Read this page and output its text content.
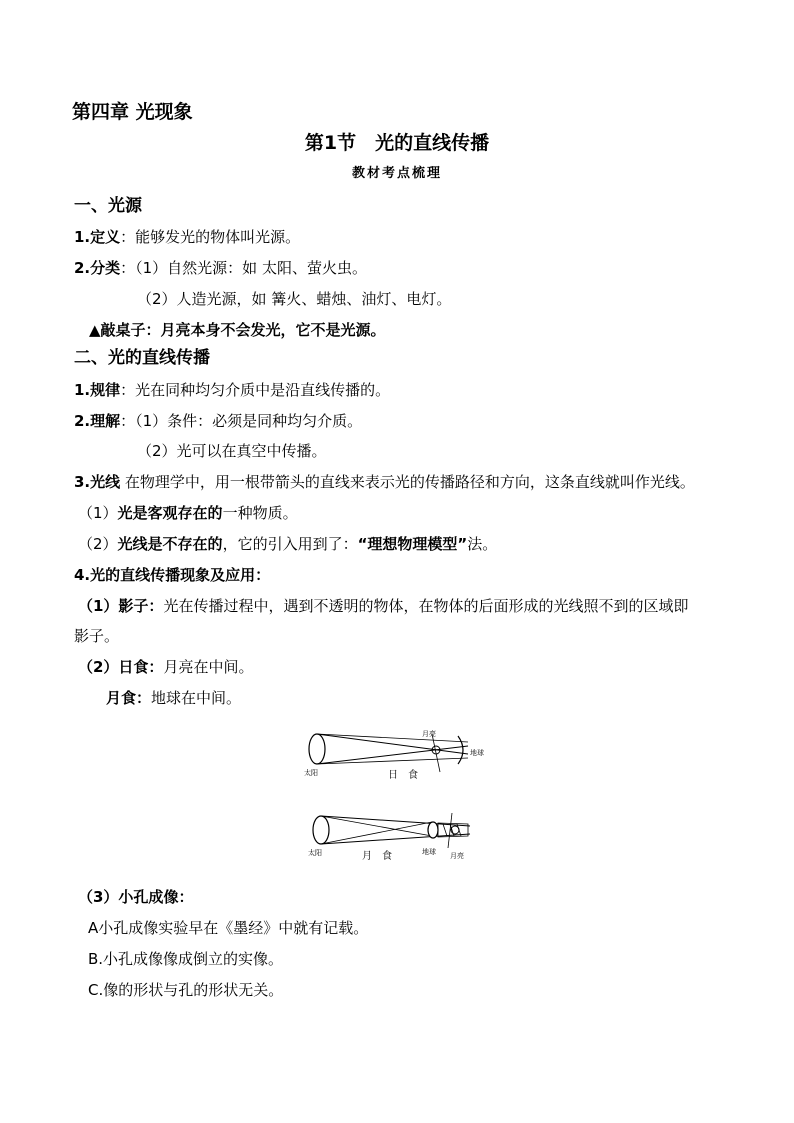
第四章 光现象
第1节　光的直线传播
教材考点梳理
一、光源
1.定义：能够发光的物体叫光源。
2.分类：（1）自然光源：如 太阳、萤火虫。
（2）人造光源，如 篝火、蜡烛、油灯、电灯。
▲敲桌子：月亮本身不会发光，它不是光源。
二、光的直线传播
1.规律：光在同种均匀介质中是沿直线传播的。
2.理解：（1）条件：必须是同种均匀介质。
（2）光可以在真空中传播。
3.光线 在物理学中，用一根带箭头的直线来表示光的传播路径和方向，这条直线就叫作光线。
（1）光是客观存在的一种物质。
（2）光线是不存在的，它的引入用到了：“理想物理模型”法。
4.光的直线传播现象及应用：
（1）影子：光在传播过程中，遇到不透明的物体，在物体的后面形成的光线照不到的区域即
影子。
（2）日食：月亮在中间。
月食：地球在中间。
太阳	日　食
月亮
地球
太阳	月　食	地球 月亮
（3）小孔成像：
A小孔成像实验早在《墨经》中就有记载。
B.小孔成像像成倒立的实像。
C.像的形状与孔的形状无关。
